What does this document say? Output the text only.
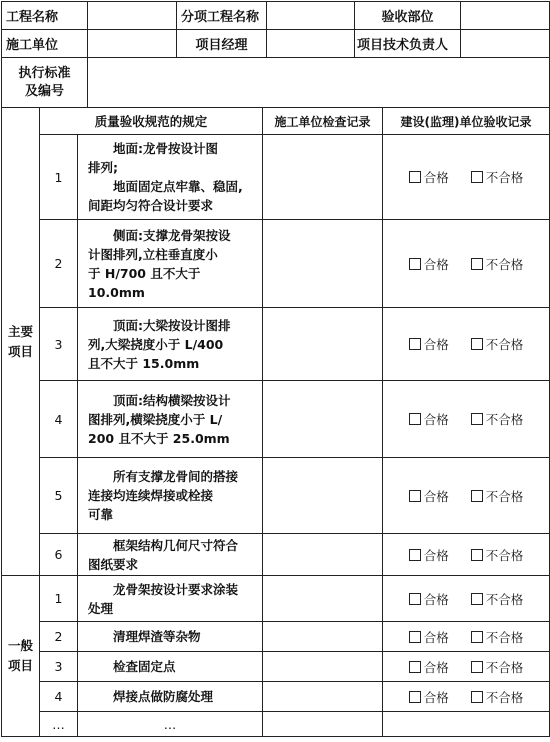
工程名称		分项工程名称		验收部位	
施工单位		项目经理		项目技术负责人	
执行标准
及编号					
主要
项目	质量验收规范的规定		施工单位检查记录	建设(监理)单位验收记录
	1	地面:龙骨按设计图
排列;
地面固定点牢靠、稳固,
间距均匀符合设计要求		合格 不合格
	2	侧面:支撑龙骨架按设
计图排列,立柱垂直度小
于 H/700 且不大于
10.0mm		合格 不合格
	3	顶面:大梁按设计图排
列,大梁挠度小于 L/400
且不大于 15.0mm		合格 不合格
	4	顶面:结构横梁按设计
图排列,横梁挠度小于 L/
200 且不大于 25.0mm		合格 不合格
	5	所有支撑龙骨间的搭接
连接均连续焊接或栓接
可靠		合格 不合格
	6	框架结构几何尺寸符合
图纸要求		合格 不合格
一般
项目	1	龙骨架按设计要求涂装
处理		合格 不合格
	2	清理焊渣等杂物		合格 不合格
	3	检查固定点		合格 不合格
	4	焊接点做防腐处理		合格 不合格
	…	…		
